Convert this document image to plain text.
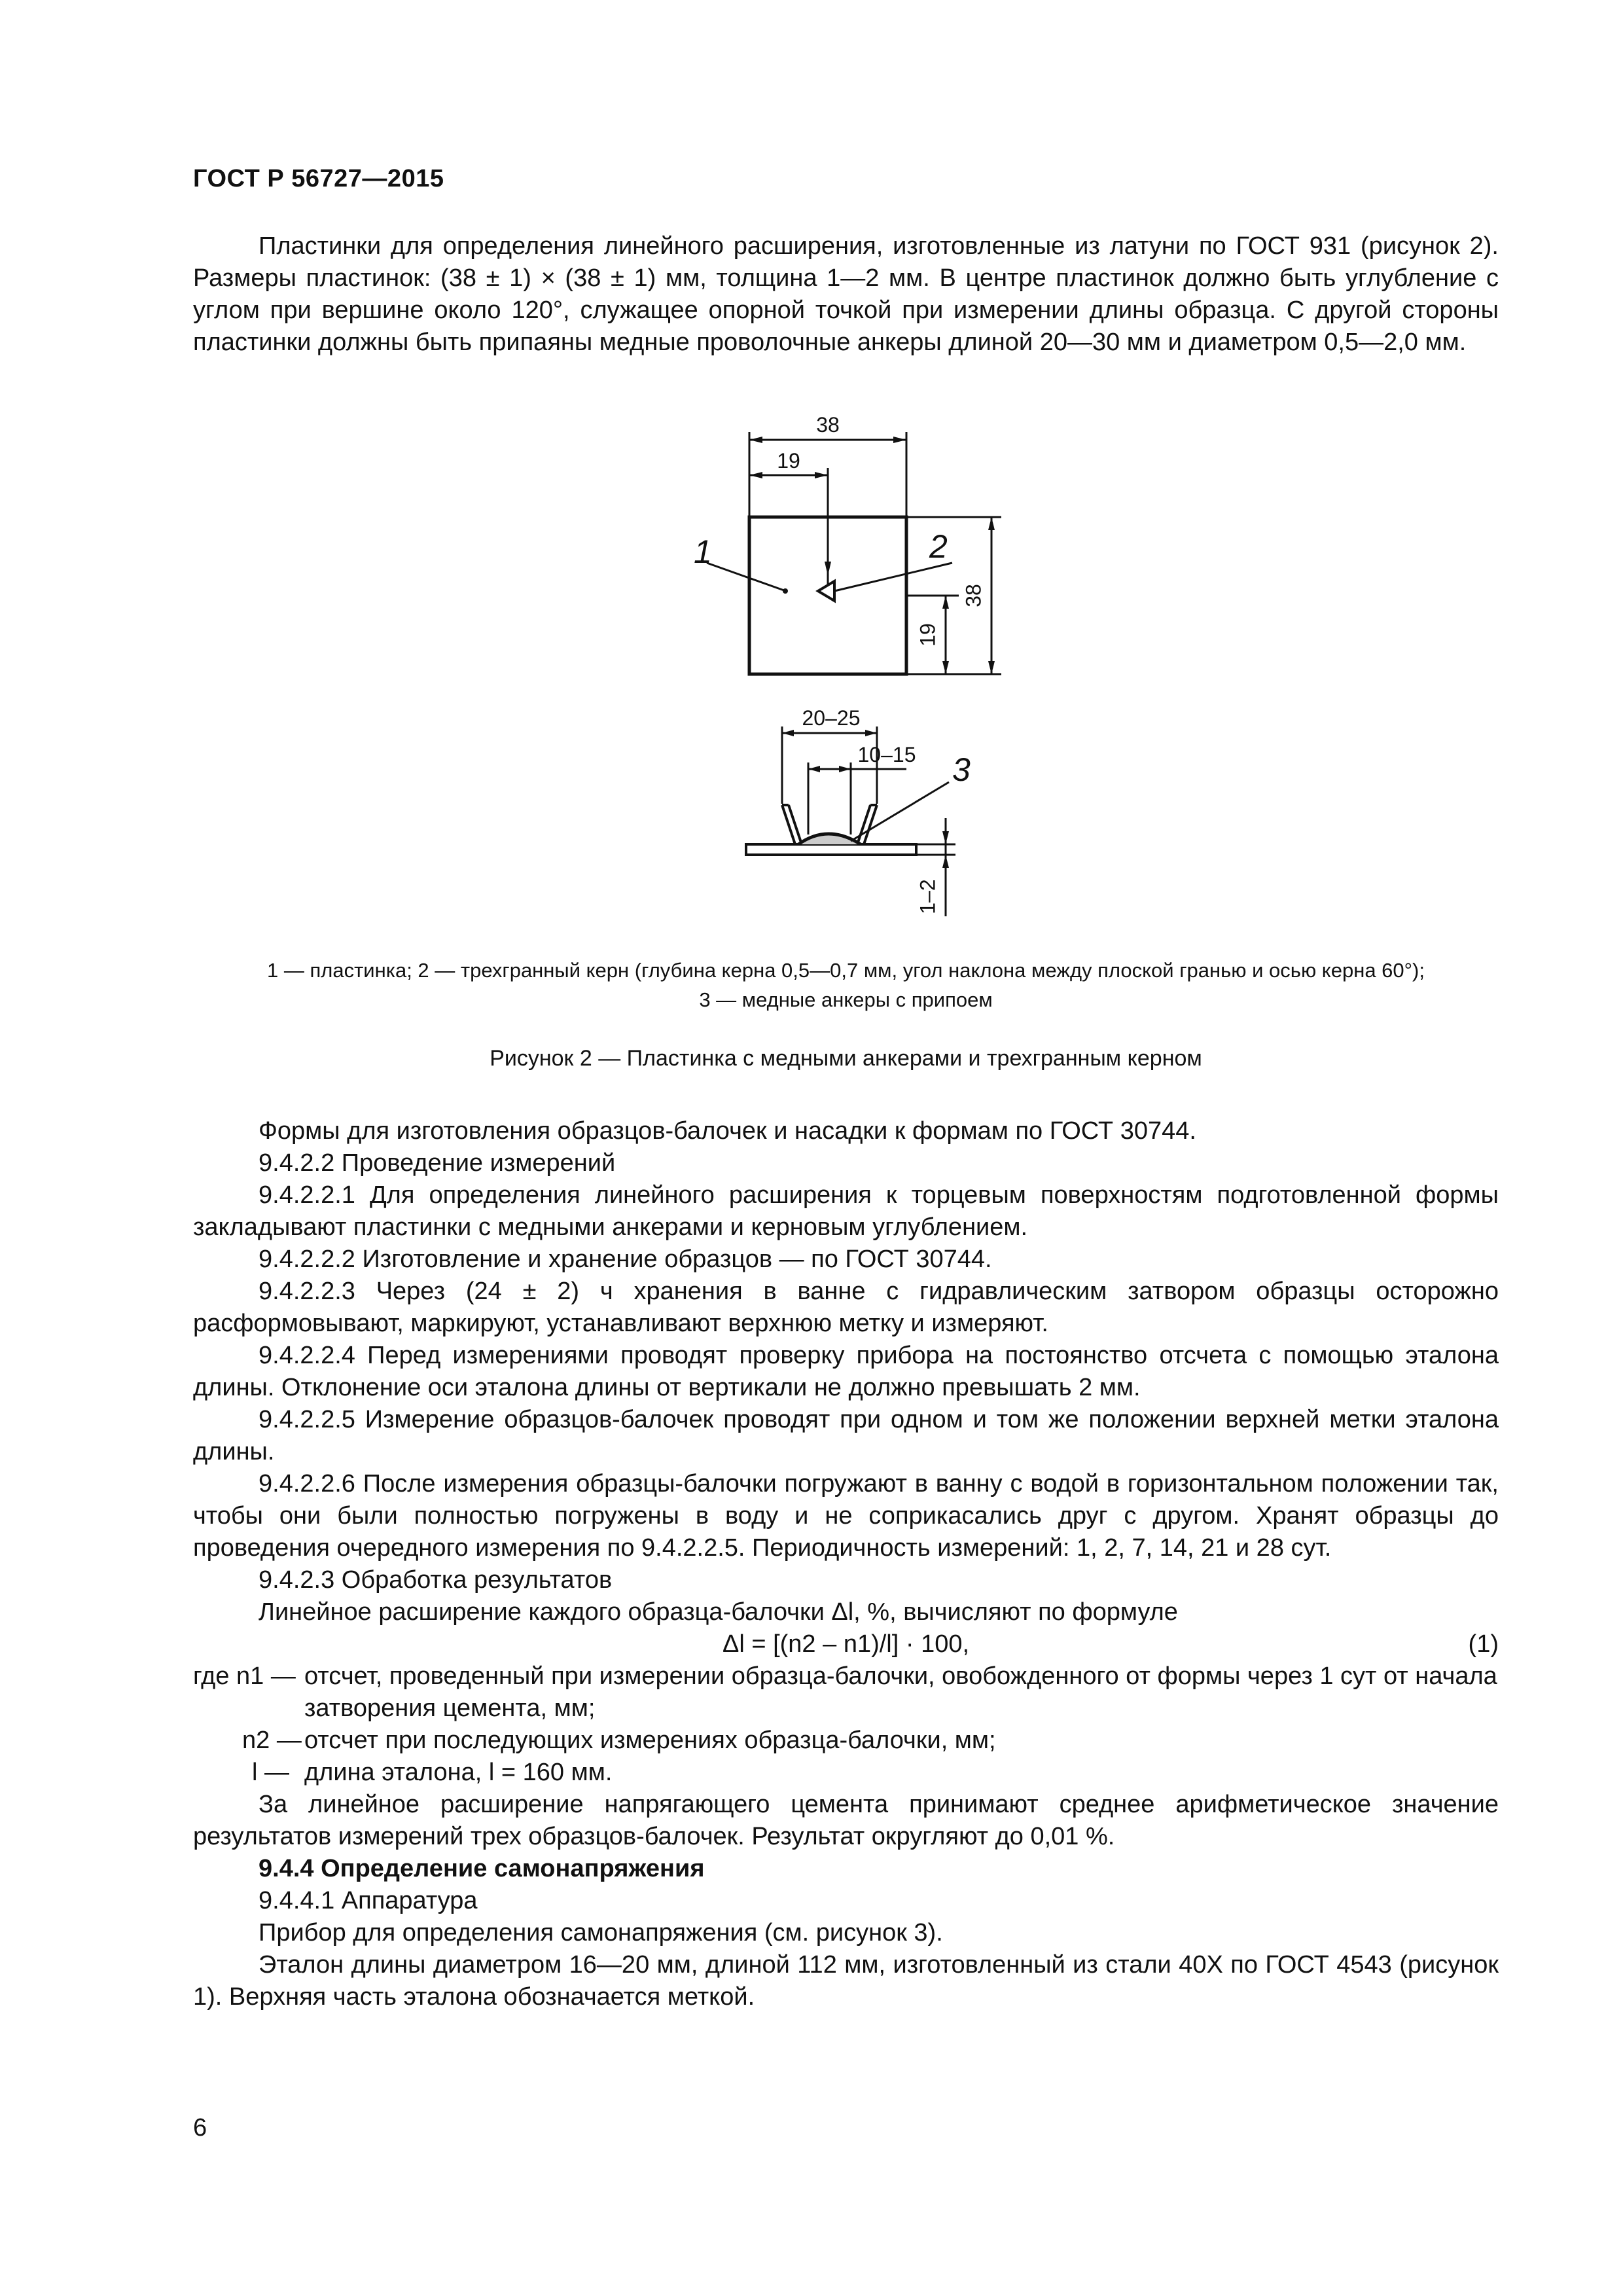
ГОСТ Р 56727—2015

Пластинки для определения линейного расширения, изготовленные из латуни по ГОСТ 931 (рисунок 2). Размеры пластинок: (38 ± 1) × (38 ± 1) мм, толщина 1—2 мм. В центре пластинок должно быть углубление с углом при вершине около 120°, служащее опорной точкой при измерении длины образца. С другой стороны пластинки должны быть припаяны медные проволочные анкеры длиной 20—30 мм и диаметром 0,5—2,0 мм.

38
19
38
19
20–25
10–15
1–2
1	2
3
1 — пластинка; 2 — трехгранный керн (глубина керна 0,5—0,7 мм, угол наклона между плоской гранью и осью керна 60°);
3 — медные анкеры с припоем
Рисунок 2 — Пластинка с медными анкерами и трехгранным керном

Формы для изготовления образцов-балочек и насадки к формам по ГОСТ 30744.

9.4.2.2 Проведение измерений

9.4.2.2.1 Для определения линейного расширения к торцевым поверхностям подготовленной формы закладывают пластинки с медными анкерами и керновым углублением.

9.4.2.2.2 Изготовление и хранение образцов — по ГОСТ 30744.

9.4.2.2.3 Через (24 ± 2) ч хранения в ванне с гидравлическим затвором образцы осторожно расформовывают, маркируют, устанавливают верхнюю метку и измеряют.

9.4.2.2.4 Перед измерениями проводят проверку прибора на постоянство отсчета с помощью эталона длины. Отклонение оси эталона длины от вертикали не должно превышать 2 мм.

9.4.2.2.5 Измерение образцов-балочек проводят при одном и том же положении верхней метки эталона длины.

9.4.2.2.6 После измерения образцы-балочки погружают в ванну с водой в горизонтальном положении так, чтобы они были полностью погружены в воду и не соприкасались друг с другом. Хранят образцы до проведения очередного измерения по 9.4.2.2.5. Периодичность измерений: 1, 2, 7, 14, 21 и 28 сут.

9.4.2.3 Обработка результатов

Линейное расширение каждого образца-балочки Δl, %, вычисляют по формуле

Δl = [(n2 – n1)/l] · 100,	(1)
где n1 — отсчет, проведенный при измерении образца-балочки, овобожденного от формы через 1 сут от начала затворения цемента, мм;
n2 — отсчет при последующих измерениях образца-балочки, мм;
l — длина эталона, l = 160 мм.

За линейное расширение напрягающего цемента принимают среднее арифметическое значение результатов измерений трех образцов-балочек. Результат округляют до 0,01 %.

9.4.4 Определение самонапряжения

9.4.4.1 Аппаратура

Прибор для определения самонапряжения (см. рисунок 3).

Эталон длины диаметром 16—20 мм, длиной 112 мм, изготовленный из стали 40Х по ГОСТ 4543 (рисунок 1). Верхняя часть эталона обозначается меткой.

6
